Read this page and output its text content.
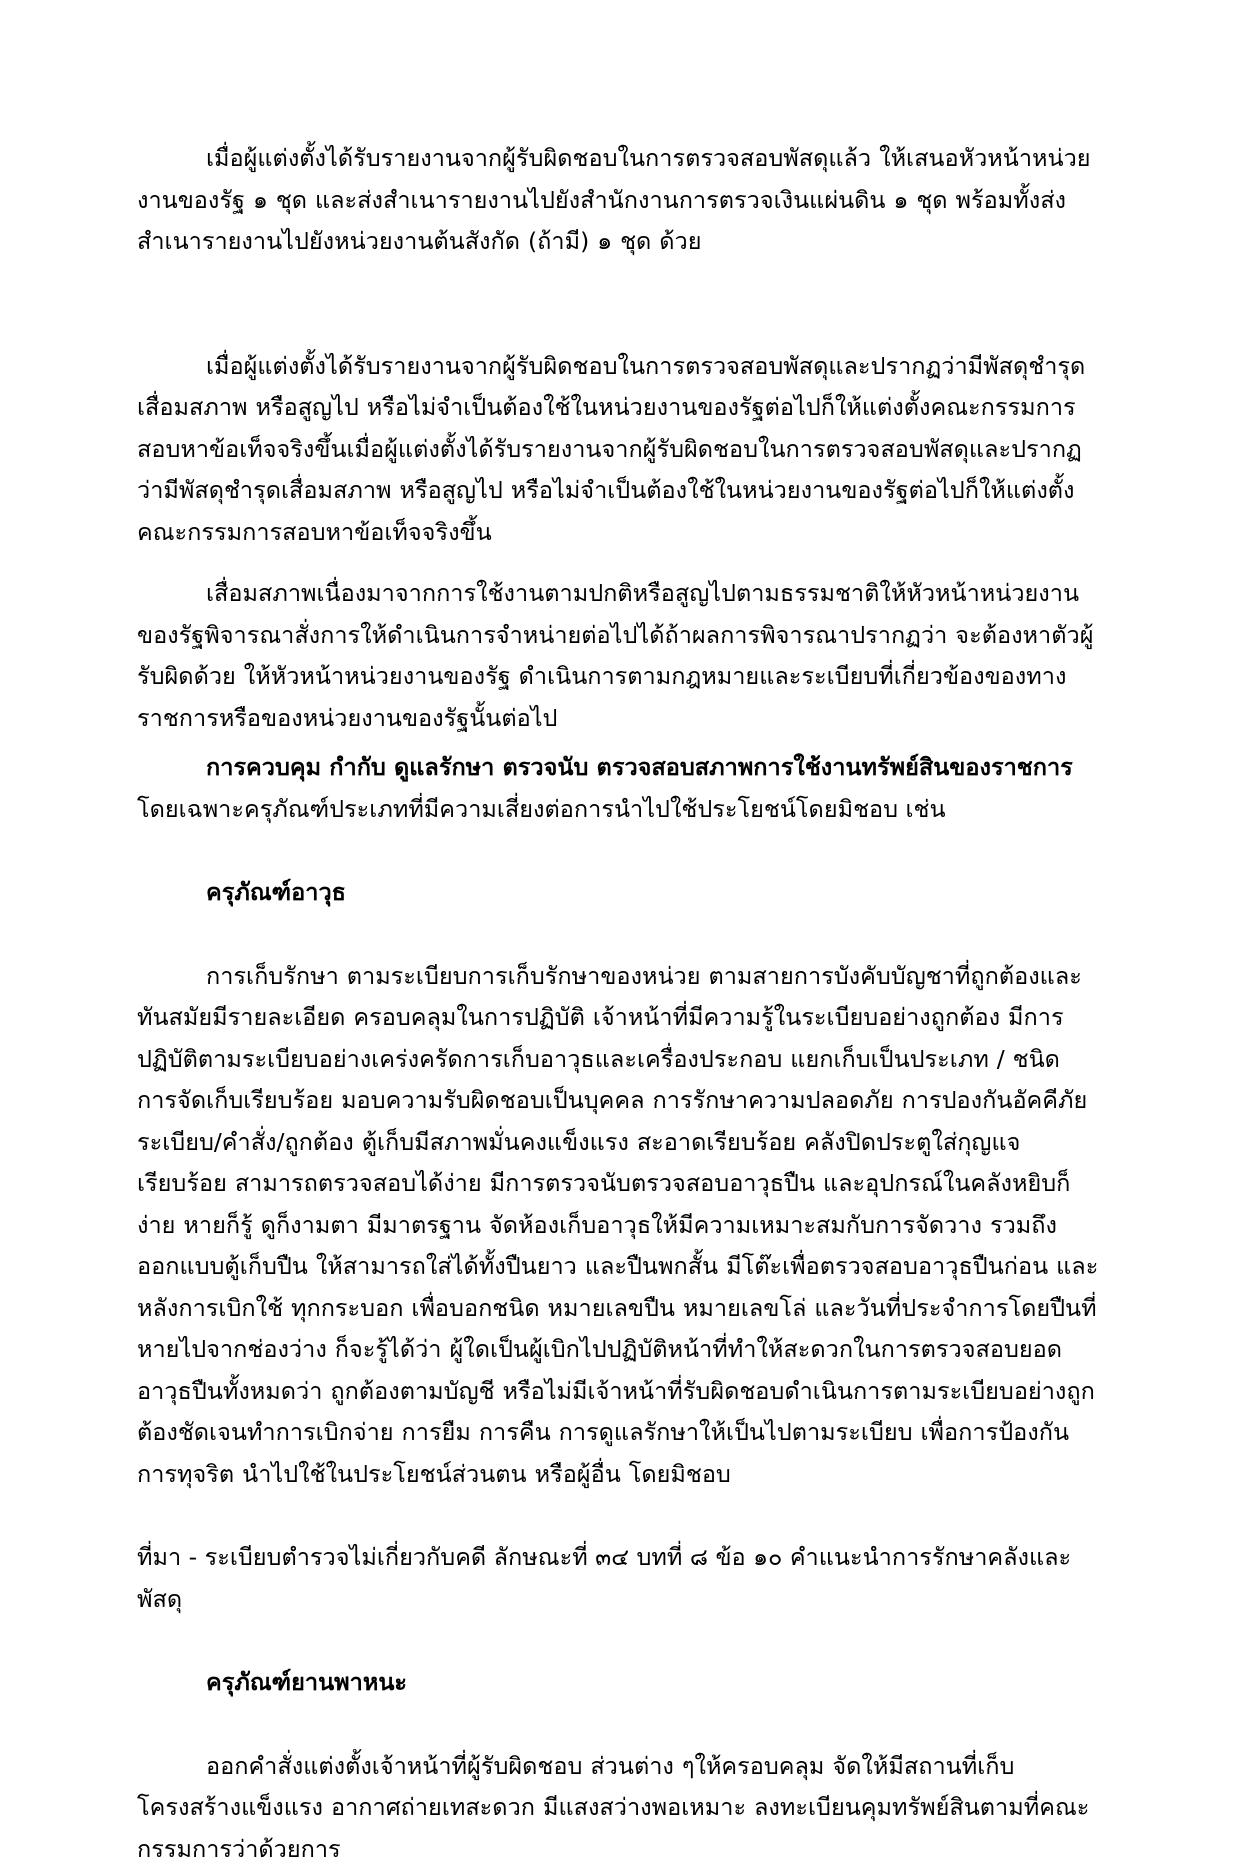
เมื่อผู้แต่งตั้งได้รับรายงานจากผู้รับผิดชอบในการตรวจสอบพัสดุแล้ว ให้เสนอหัวหน้าหน่วยงานของรัฐ ๑ ชุด และส่งสำเนารายงานไปยังสำนักงานการตรวจเงินแผ่นดิน ๑ ชุด พร้อมทั้งส่งสำเนารายงานไปยังหน่วยงานต้นสังกัด (ถ้ามี) ๑ ชุด ด้วย

เมื่อผู้แต่งตั้งได้รับรายงานจากผู้รับผิดชอบในการตรวจสอบพัสดุและปรากฏว่ามีพัสดุชำรุดเสื่อมสภาพ หรือสูญไป หรือไม่จำเป็นต้องใช้ในหน่วยงานของรัฐต่อไปก็ให้แต่งตั้งคณะกรรมการสอบหาข้อเท็จจริงขึ้นเมื่อผู้แต่งตั้งได้รับรายงานจากผู้รับผิดชอบในการตรวจสอบพัสดุและปรากฏว่ามีพัสดุชำรุดเสื่อมสภาพ หรือสูญไป หรือไม่จำเป็นต้องใช้ในหน่วยงานของรัฐต่อไปก็ให้แต่งตั้งคณะกรรมการสอบหาข้อเท็จจริงขึ้น

เสื่อมสภาพเนื่องมาจากการใช้งานตามปกติหรือสูญไปตามธรรมชาติให้หัวหน้าหน่วยงานของรัฐพิจารณาสั่งการให้ดำเนินการจำหน่ายต่อไปได้ถ้าผลการพิจารณาปรากฏว่า จะต้องหาตัวผู้รับผิดด้วย ให้หัวหน้าหน่วยงานของรัฐ ดำเนินการตามกฎหมายและระเบียบที่เกี่ยวข้องของทางราชการหรือของหน่วยงานของรัฐนั้นต่อไป

การควบคุม กำกับ ดูแลรักษา ตรวจนับ ตรวจสอบสภาพการใช้งานทรัพย์สินของราชการ

โดยเฉพาะครุภัณฑ์ประเภทที่มีความเสี่ยงต่อการนำไปใช้ประโยชน์โดยมิชอบ เช่น

ครุภัณฑ์อาวุธ

การเก็บรักษา ตามระเบียบการเก็บรักษาของหน่วย ตามสายการบังคับบัญชาที่ถูกต้องและทันสมัยมีรายละเอียด ครอบคลุมในการปฏิบัติ เจ้าหน้าที่มีความรู้ในระเบียบอย่างถูกต้อง มีการปฏิบัติตามระเบียบอย่างเคร่งครัดการเก็บอาวุธและเครื่องประกอบ แยกเก็บเป็นประเภท / ชนิด การจัดเก็บเรียบร้อย มอบความรับผิดชอบเป็นบุคคล การรักษาความปลอดภัย การปองกันอัคคีภัย ระเบียบ/คำสั่ง/ถูกต้อง ตู้เก็บมีสภาพมั่นคงแข็งแรง สะอาดเรียบร้อย คลังปิดประตูใส่กุญแจเรียบร้อย สามารถตรวจสอบได้ง่าย มีการตรวจนับตรวจสอบอาวุธปืน และอุปกรณ์ในคลังหยิบก็ง่าย หายก็รู้ ดูก็งามตา มีมาตรฐาน จัดห้องเก็บอาวุธให้มีความเหมาะสมกับการจัดวาง รวมถึงออกแบบตู้เก็บปืน ให้สามารถใส่ได้ทั้งปืนยาว และปืนพกสั้น มีโต๊ะเพื่อตรวจสอบอาวุธปืนก่อน และหลังการเบิกใช้ ทุกกระบอก เพื่อบอกชนิด หมายเลขปืน หมายเลขโล่ และวันที่ประจำการโดยปืนที่หายไปจากช่องว่าง ก็จะรู้ได้ว่า ผู้ใดเป็นผู้เบิกไปปฏิบัติหน้าที่ทำให้สะดวกในการตรวจสอบยอดอาวุธปืนทั้งหมดว่า ถูกต้องตามบัญชี หรือไม่มีเจ้าหน้าที่รับผิดชอบดำเนินการตามระเบียบอย่างถูกต้องชัดเจนทำการเบิกจ่าย การยืม การคืน การดูแลรักษาให้เป็นไปตามระเบียบ เพื่อการป้องกันการทุจริต นำไปใช้ในประโยชน์ส่วนตน หรือผู้อื่น โดยมิชอบ

ที่มา - ระเบียบตำรวจไม่เกี่ยวกับคดี ลักษณะที่ ๓๔ บทที่ ๘ ข้อ ๑๐ คำแนะนำการรักษาคลังและพัสดุ

ครุภัณฑ์ยานพาหนะ

ออกคำสั่งแต่งตั้งเจ้าหน้าที่ผู้รับผิดชอบ ส่วนต่าง ๆให้ครอบคลุม จัดให้มีสถานที่เก็บ โครงสร้างแข็งแรง อากาศถ่ายเทสะดวก มีแสงสว่างพอเหมาะ ลงทะเบียนคุมทรัพย์สินตามที่คณะกรรมการว่าด้วยการ
